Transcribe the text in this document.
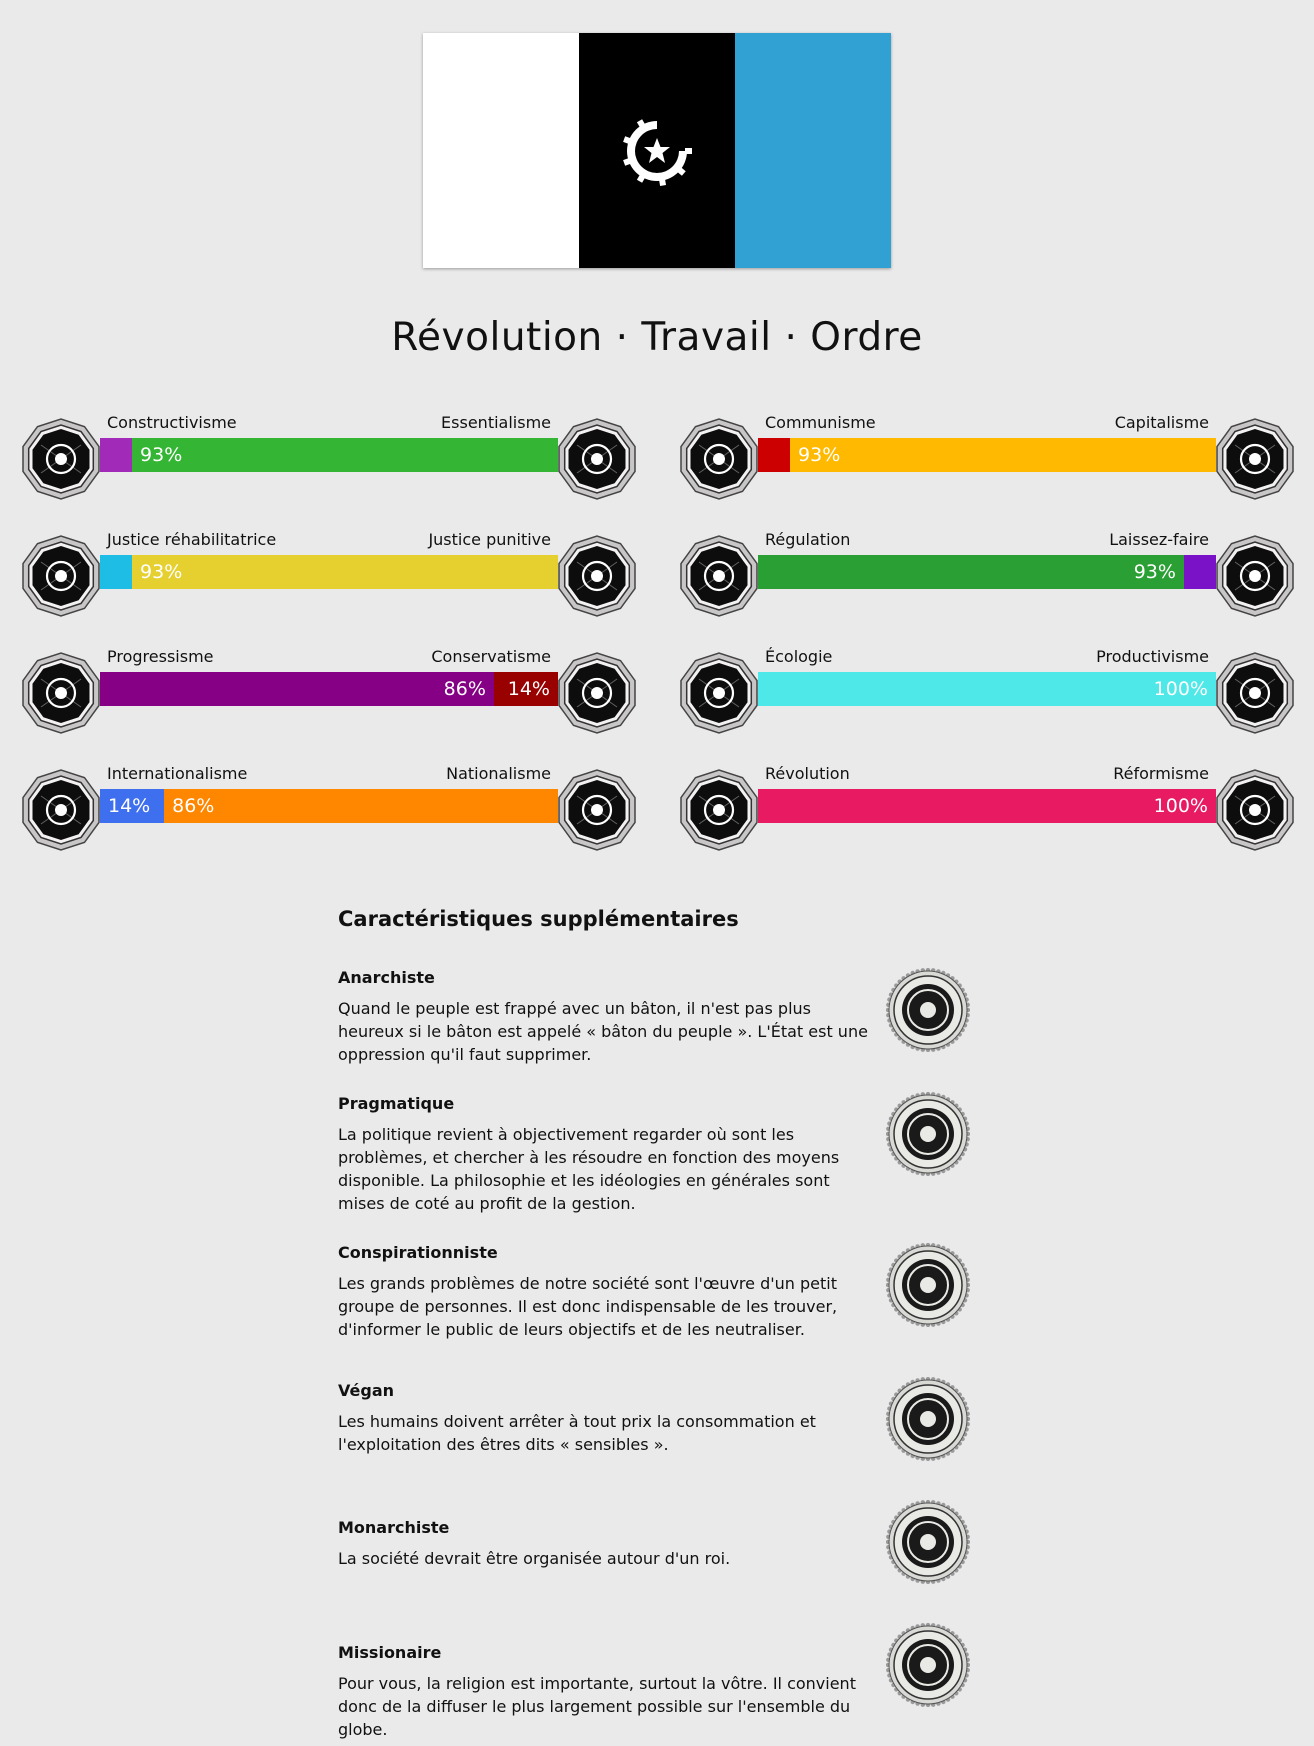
Révolution · Travail · Ordre
93%
Constructivisme	Essentialisme
93%
Communisme	Capitalisme
93%
Justice réhabilitatrice	Justice punitive
93%
Régulation	Laissez-faire
86% 14%
Progressisme	Conservatisme
100%
Écologie	Productivisme
14% 86%
Internationalisme	Nationalisme
100%
Révolution	Réformisme
Caractéristiques supplémentaires
Anarchiste
Quand le peuple est frappé avec un bâton, il n'est pas plus heureux si le bâton est appelé « bâton du peuple ». L'État est une oppression qu'il faut supprimer.
Pragmatique
La politique revient à objectivement regarder où sont les problèmes, et chercher à les résoudre en fonction des moyens disponible. La philosophie et les idéologies en générales sont mises de coté au profit de la gestion.
Conspirationniste
Les grands problèmes de notre société sont l'œuvre d'un petit groupe de personnes. Il est donc indispensable de les trouver, d'informer le public de leurs objectifs et de les neutraliser.
Végan
Les humains doivent arrêter à tout prix la consommation et l'exploitation des êtres dits « sensibles ».
Monarchiste
La société devrait être organisée autour d'un roi.
Missionaire
Pour vous, la religion est importante, surtout la vôtre. Il convient donc de la diffuser le plus largement possible sur l'ensemble du globe.
